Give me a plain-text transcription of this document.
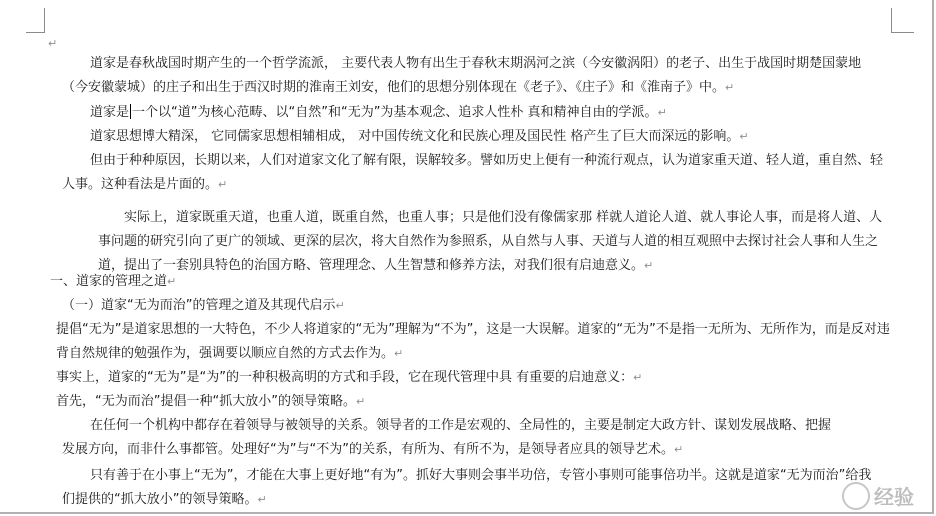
↵
道家是春秋战国时期产生的一个哲学流派， 主要代表人物有出生于春秋末期涡河之滨（今安徽涡阳）的老子、出生于战国时期楚国蒙地
（今安徽蒙城）的庄子和出生于西汉时期的淮南王刘安，他们的思想分别体现在《老子》、《庄子》和《淮南子》中。↵
道家是 一个以“道”为核心范畴、以“自然”和“无为”为基本观念、追求人性朴 真和精神自由的学派。↵
道家思想博大精深， 它同儒家思想相辅相成， 对中国传统文化和民族心理及国民性 格产生了巨大而深远的影响。↵
但由于种种原因，长期以来，人们对道家文化了解有限，误解较多。譬如历史上便有一种流行观点，认为道家重天道、轻人道，重自然、轻
人事。这种看法是片面的。↵
实际上，道家既重天道，也重人道，既重自然，也重人事；只是他们没有像儒家那 样就人道论人道、就人事论人事，而是将人道、人
事问题的研究引向了更广的领域、更深的层次，将大自然作为参照系，从自然与人事、天道与人道的相互观照中去探讨社会人事和人生之
道，提出了一套别具特色的治国方略、管理理念、人生智慧和修养方法，对我们很有启迪意义。↵
一、道家的管理之道↵
（一）道家“无为而治”的管理之道及其现代启示↵
提倡“无为”是道家思想的一大特色，不少人将道家的“无为”理解为“不为”，这是一大误解。道家的“无为”不是指一无所为、无所作为，而是反对违
背自然规律的勉强作为，强调要以顺应自然的方式去作为。↵
事实上，道家的“无为”是“为”的一种积极高明的方式和手段，它在现代管理中具 有重要的启迪意义：↵
首先，“无为而治”提倡一种“抓大放小”的领导策略。↵
在任何一个机构中都存在着领导与被领导的关系。领导者的工作是宏观的、全局性的，主要是制定大政方针、谋划发展战略、把握
发展方向，而非什么事都管。处理好“为”与“不为”的关系，有所为、有所不为，是领导者应具的领导艺术。↵
只有善于在小事上“无为”，才能在大事上更好地“有为”。抓好大事则会事半功倍，专管小事则可能事倍功半。这就是道家“无为而治”给我
们提供的“抓大放小”的领导策略。↵	经验
